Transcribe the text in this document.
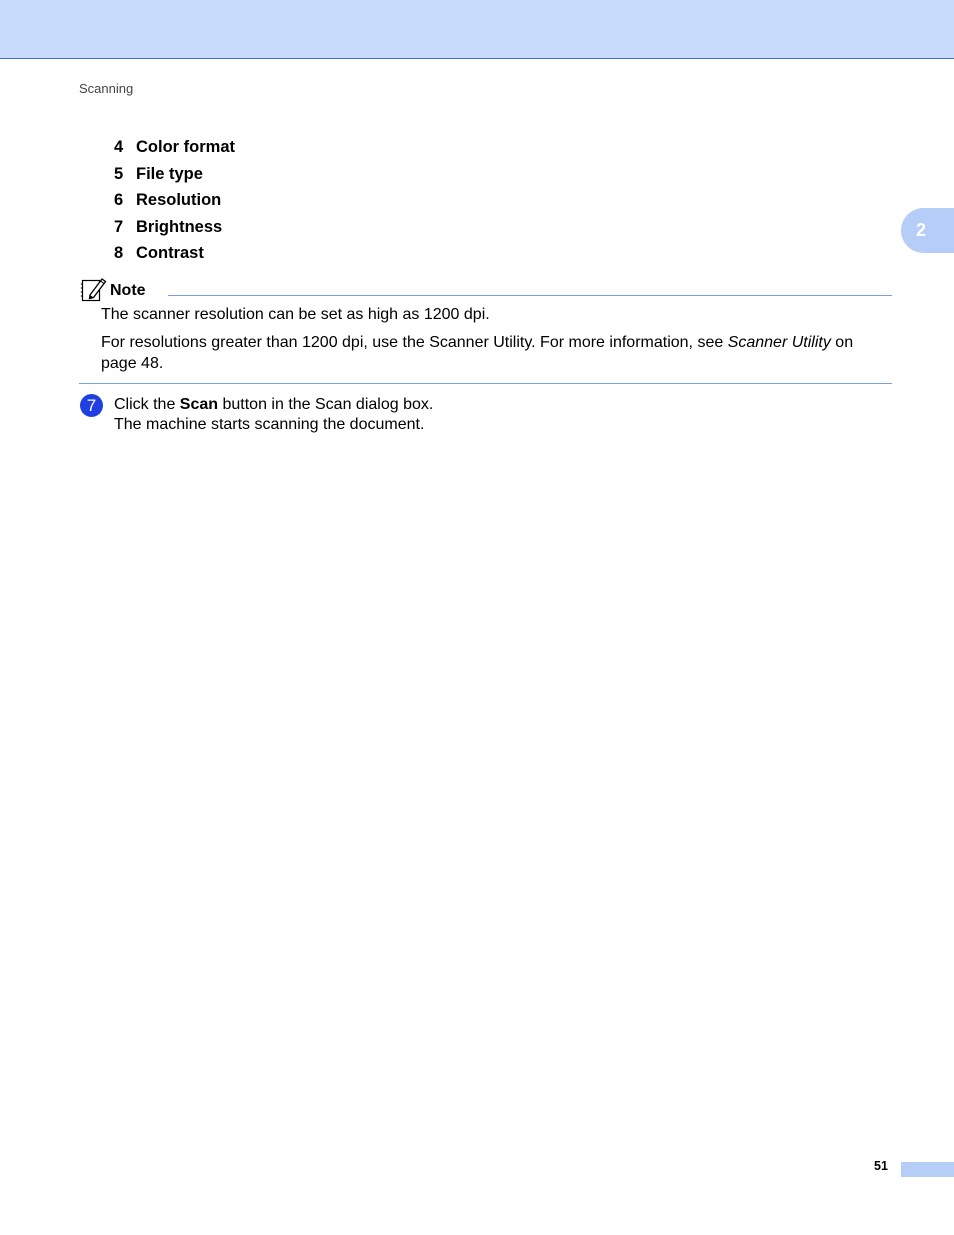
Scanning
2
4 Color format
5 File type
6 Resolution
7 Brightness
8 Contrast
Note

The scanner resolution can be set as high as 1200 dpi.

For resolutions greater than 1200 dpi, use the Scanner Utility. For more information, see Scanner Utility on page 48.

7	Click the Scan button in the Scan dialog box.
The machine starts scanning the document.
51
